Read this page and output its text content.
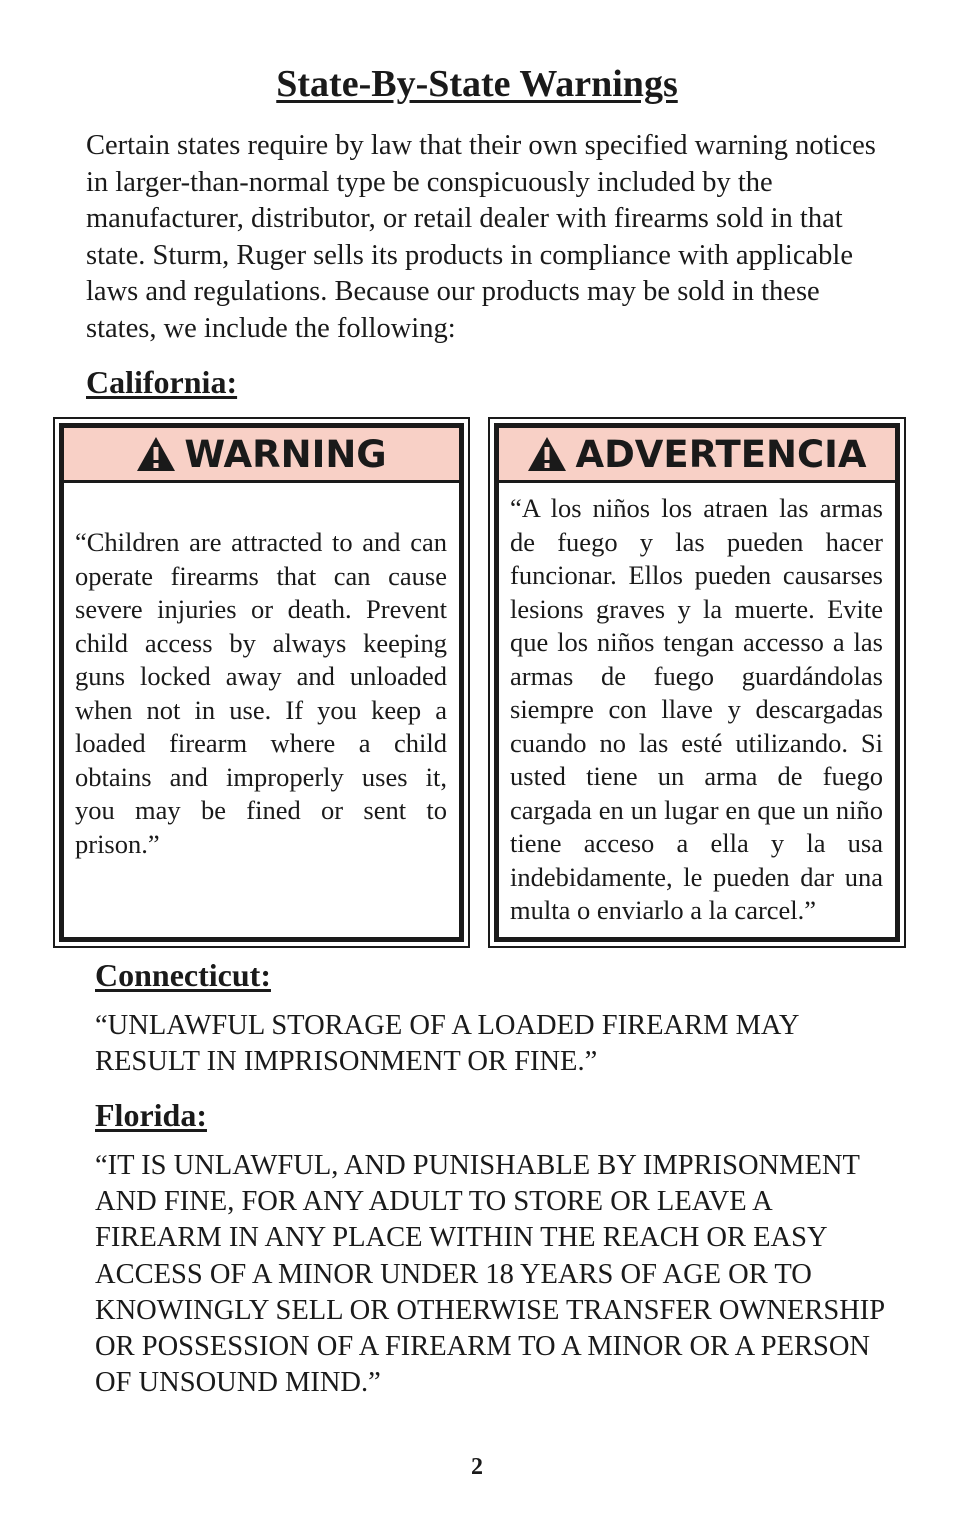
State-By-State Warnings
Certain states require by law that their own specified warning notices in larger-than-normal type be conspicuously included by the manufacturer, distributor, or retail dealer with firearms sold in that state. Sturm, Ruger sells its products in compliance with applicable laws and regulations. Because our products may be sold in these states, we include the following:
California:
WARNING
“Children are attracted to and can operate firearms that can cause severe injuries or death. Prevent child access by always keeping guns locked away and unloaded when not in use. If you keep a loaded firearm where a child obtains and improperly uses it, you may be fined or sent to prison.”
ADVERTENCIA
“A los niños los atraen las armas de fuego y las pueden hacer funcionar. Ellos pueden causarses lesions graves y la muerte. Evite que los niños tengan accesso a las armas de fuego guardándolas siempre con llave y descargadas cuando no las esté utilizando. Si usted tiene un arma de fuego cargada en un lugar en que un niño tiene acceso a ella y la usa indebidamente, le pueden dar una multa o enviarlo a la carcel.”
Connecticut:
“UNLAWFUL STORAGE OF A LOADED FIREARM MAY RESULT IN IMPRISONMENT OR FINE.”
Florida:
“IT IS UNLAWFUL, AND PUNISHABLE BY IMPRISONMENT AND FINE, FOR ANY ADULT TO STORE OR LEAVE A FIREARM IN ANY PLACE WITHIN THE REACH OR EASY ACCESS OF A MINOR UNDER 18 YEARS OF AGE OR TO KNOWINGLY SELL OR OTHERWISE TRANSFER OWNERSHIP OR POSSESSION OF A FIREARM TO A MINOR OR A PERSON OF UNSOUND MIND.”
2
